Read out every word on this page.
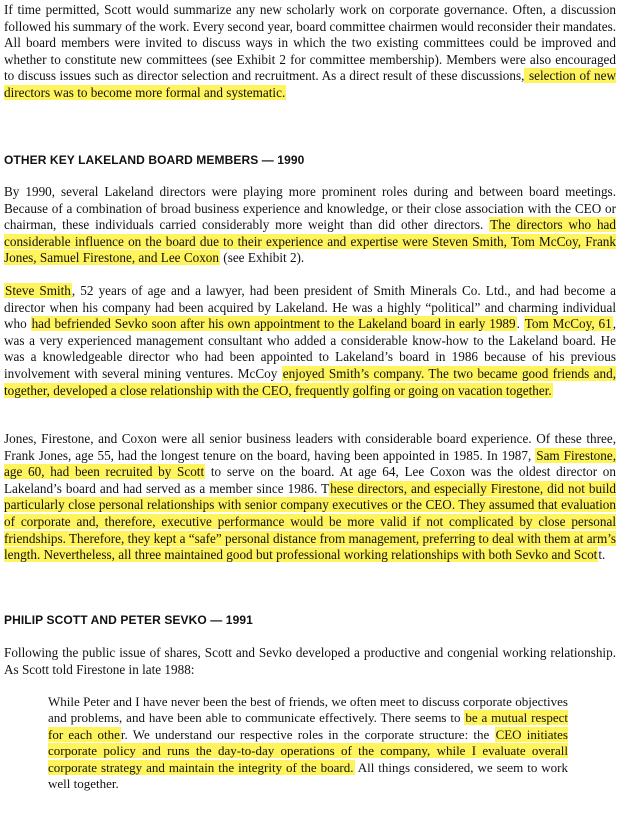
If time permitted, Scott would summarize any new scholarly work on corporate governance. Often, a discussion followed his summary of the work. Every second year, board committee chairmen would reconsider their mandates. All board members were invited to discuss ways in which the two existing committees could be improved and whether to constitute new committees (see Exhibit 2 for committee membership). Members were also encouraged to discuss issues such as director selection and recruitment. As a direct result of these discussions, selection of new directors was to become more formal and systematic.

OTHER KEY LAKELAND BOARD MEMBERS — 1990

By 1990, several Lakeland directors were playing more prominent roles during and between board meetings. Because of a combination of broad business experience and knowledge, or their close association with the CEO or chairman, these individuals carried considerably more weight than did other directors. The directors who had considerable influence on the board due to their experience and expertise were Steven Smith, Tom McCoy, Frank Jones, Samuel Firestone, and Lee Coxon (see Exhibit 2).

Steve Smith, 52 years of age and a lawyer, had been president of Smith Minerals Co. Ltd., and had become a director when his company had been acquired by Lakeland. He was a highly “political” and charming individual who had befriended Sevko soon after his own appointment to the Lakeland board in early 1989. Tom McCoy, 61, was a very experienced management consultant who added a considerable know-how to the Lakeland board. He was a knowledgeable director who had been appointed to Lakeland’s board in 1986 because of his previous involvement with several mining ventures. McCoy enjoyed Smith’s company. The two became good friends and, together, developed a close relationship with the CEO, frequently golfing or going on vacation together.

Jones, Firestone, and Coxon were all senior business leaders with considerable board experience. Of these three, Frank Jones, age 55, had the longest tenure on the board, having been appointed in 1985. In 1987, Sam Firestone, age 60, had been recruited by Scott to serve on the board. At age 64, Lee Coxon was the oldest director on Lakeland’s board and had served as a member since 1986. These directors, and especially Firestone, did not build particularly close personal relationships with senior company executives or the CEO. They assumed that evaluation of corporate and, therefore, executive performance would be more valid if not complicated by close personal friendships. Therefore, they kept a “safe” personal distance from management, preferring to deal with them at arm’s length. Nevertheless, all three maintained good but professional working relationships with both Sevko and Scott.

PHILIP SCOTT AND PETER SEVKO — 1991

Following the public issue of shares, Scott and Sevko developed a productive and congenial working relationship. As Scott told Firestone in late 1988:

While Peter and I have never been the best of friends, we often meet to discuss corporate objectives and problems, and have been able to communicate effectively. There seems to be a mutual respect for each other. We understand our respective roles in the corporate structure: the CEO initiates corporate policy and runs the day-to-day operations of the company, while I evaluate overall corporate strategy and maintain the integrity of the board. All things considered, we seem to work well together.
